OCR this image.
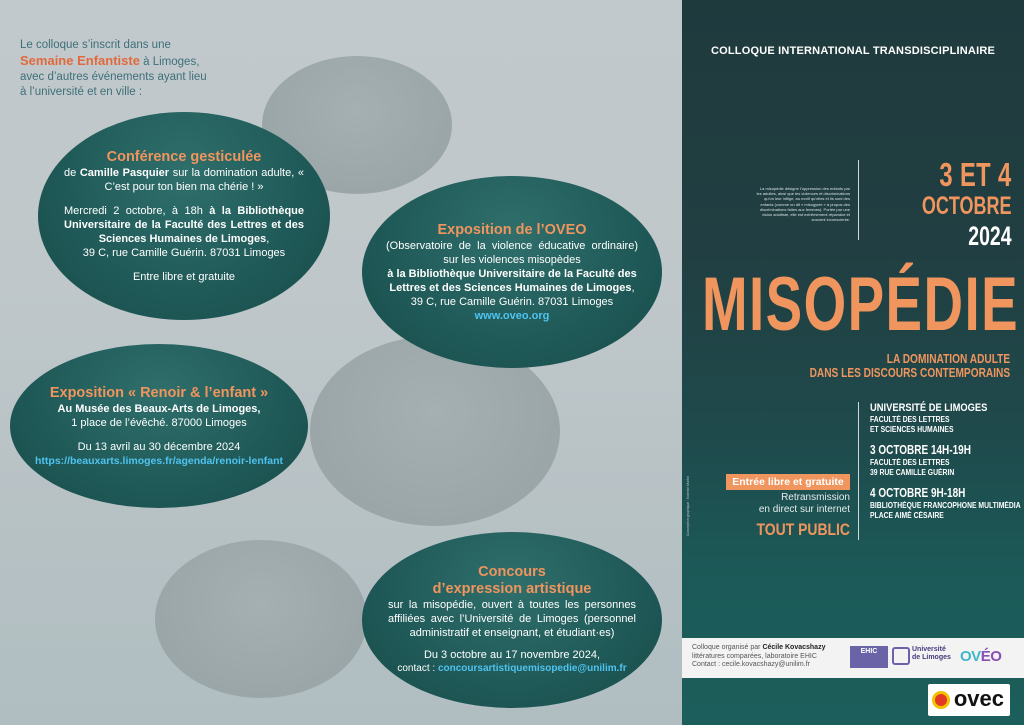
Le colloque s’inscrit dans une
Semaine Enfantiste à Limoges,
avec d’autres événements ayant lieu
à l’université et en ville :
Conférence gesticulée

de Camille Pasquier sur la domination adulte, « C’est pour ton bien ma chérie ! »

Mercredi 2 octobre, à 18h à la Bibliothèque Universitaire de la Faculté des Lettres et des Sciences Humaines de Limoges,

39 C, rue Camille Guérin. 87031 Limoges

Entre libre et gratuite

Exposition de l’OVEO

(Observatoire de la violence éducative ordinaire) sur les violences misopèdes

à la Bibliothèque Universitaire de la Faculté des Lettres et des Sciences Humaines de Limoges,

39 C, rue Camille Guérin. 87031 Limoges

www.oveo.org

Exposition « Renoir & l’enfant »

Au Musée des Beaux-Arts de Limoges,

1 place de l’évêché. 87000 Limoges

Du 13 avril au 30 décembre 2024

https://beauxarts.limoges.fr/agenda/renoir-lenfant

Concours
d’expression artistique

sur la misopédie, ouvert à toutes les personnes affiliées avec l’Université de Limoges (personnel administratif et enseignant, et étudiant·es)

Du 3 octobre au 17 novembre 2024,

contact : concoursartistiquemisopedie@unilim.fr

COLLOQUE INTERNATIONAL TRANSDISCIPLINAIRE
La misopédie désigne l’oppression des enfants par les adultes, ainsi que les violences et discriminations qu’on leur inflige, au motif qu’elles et ils sont des enfants (comme on dit « misogynie » à propos des discriminations faites aux femmes). Portée par une vision adultiste, elle est extrêmement répandue et souvent inconsciente.
3 ET 4
OCTOBRE
2024
MISOPÉDIE
LA DOMINATION ADULTE
DANS LES DISCOURS CONTEMPORAINS
UNIVERSITÉ DE LIMOGES
FACULTÉ DES LETTRES
ET SCIENCES HUMAINES
3 OCTOBRE 14H-19H
FACULTÉ DES LETTRES
39 RUE CAMILLE GUÉRIN
4 OCTOBRE 9H-18H
BIBLIOTHÈQUE FRANCOPHONE MULTIMÉDIA
PLACE AIMÉ CÉSAIRE
Entrée libre et gratuite
Retransmission
en direct sur internet
TOUT PUBLIC
Conception graphique : Noémie Martin
Colloque organisé par Cécile Kovacshazy
littératures comparées, laboratoire EHIC
Contact : cecile.kovacshazy@unilim.fr
EHIC	Université
de Limoges OVÉO
ovec
